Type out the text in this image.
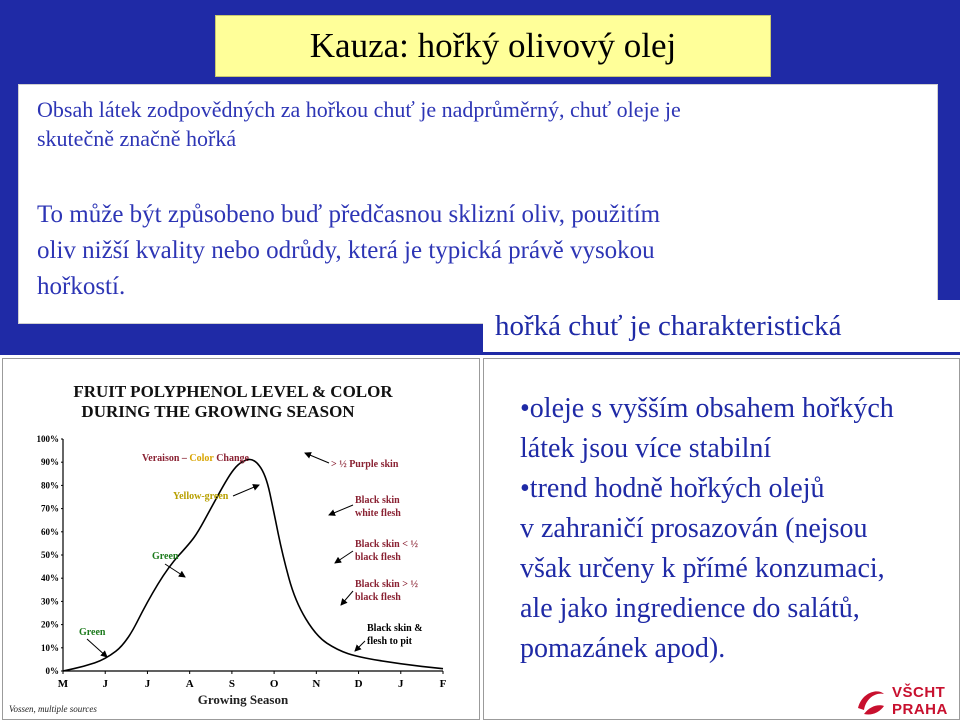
Kauza: hořký olivový olej
Obsah látek zodpovědných za hořkou chuť je nadprůměrný, chuť oleje je
skutečně značně hořká
To může být způsobeno buď předčasnou sklizní oliv, použitím
oliv nižší kvality nebo odrůdy, která je typická právě vysokou
hořkostí.
hořká chuť je charakteristická
FRUIT POLYPHENOL LEVEL & COLOR
DURING THE GROWING SEASON
100%
90%
80%
70%
60%
50%
40%
30%
20%
10%
0%
M	J	J	A	S	O	N	D	J	F
Green
Green
Veraison – Color Change
Yellow-green
> ½ Purple skin
Black skin
white flesh
Black skin < ½
black flesh
Black skin > ½
black flesh
Black skin &
flesh to pit
Growing Season
Vossen, multiple sources
•oleje s vyšším obsahem hořkých
látek jsou více stabilní
•trend hodně hořkých olejů
v zahraničí prosazován (nejsou
však určeny k přímé konzumaci,
ale jako ingredience do salátů,
pomazánek apod).
VŠCHT
PRAHA
